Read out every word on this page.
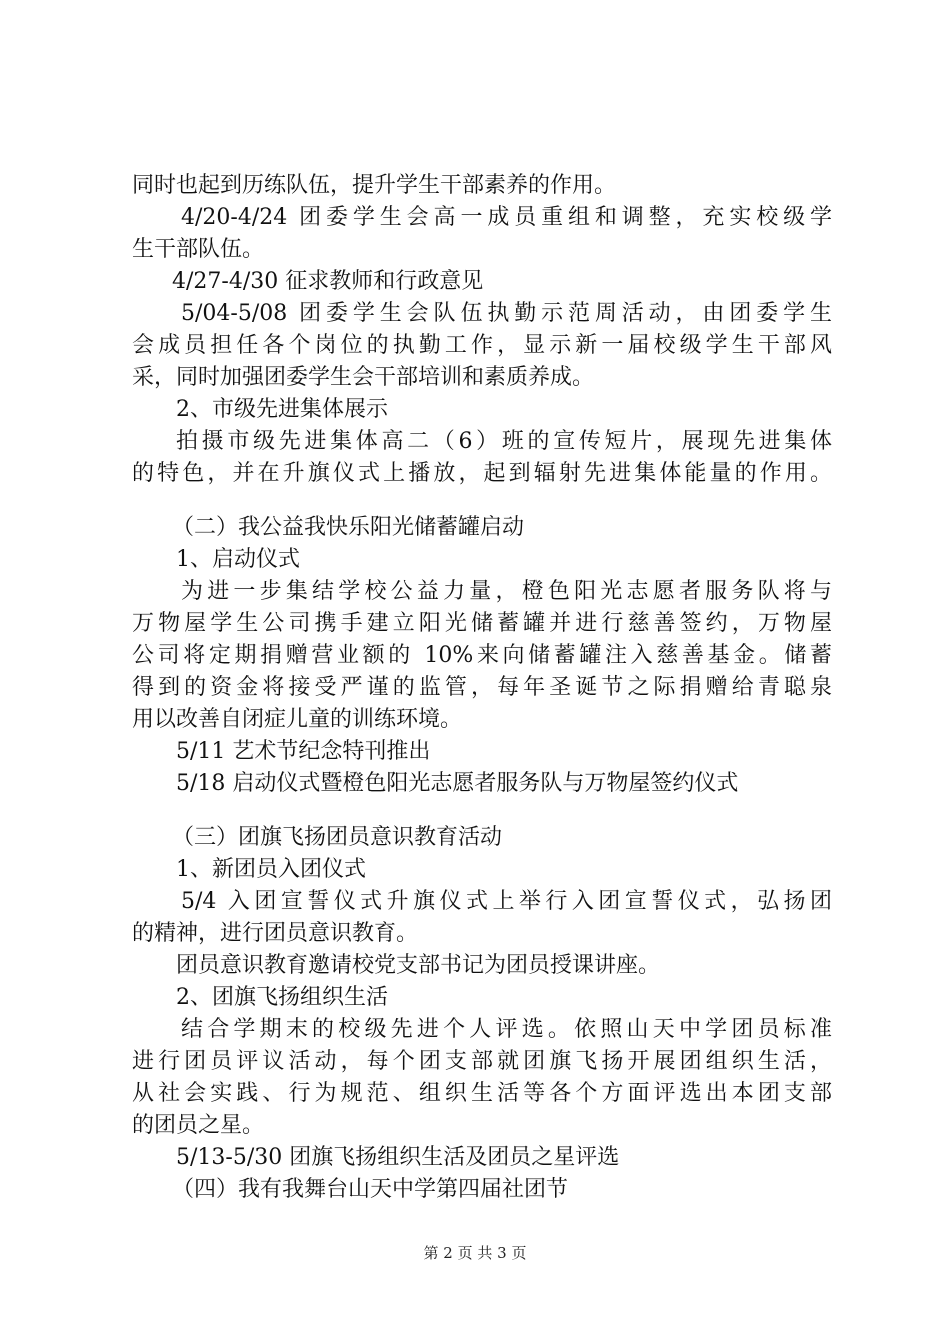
同时也起到历练队伍，提升学生干部素养的作用。
4/20-4/24 团委学生会高一成员重组和调整，充实校级学
生干部队伍。
4/27-4/30 征求教师和行政意见
5/04-5/08 团委学生会队伍执勤示范周活动，由团委学生
会成员担任各个岗位的执勤工作，显示新一届校级学生干部风
采，同时加强团委学生会干部培训和素质养成。
2、市级先进集体展示
拍摄市级先进集体高二（6）班的宣传短片，展现先进集体
的特色，并在升旗仪式上播放，起到辐射先进集体能量的作用。
（二）我公益我快乐阳光储蓄罐启动
1、启动仪式
为进一步集结学校公益力量，橙色阳光志愿者服务队将与
万物屋学生公司携手建立阳光储蓄罐并进行慈善签约，万物屋
公司将定期捐赠营业额的 10%来向储蓄罐注入慈善基金。储蓄
得到的资金将接受严谨的监管，每年圣诞节之际捐赠给青聪泉
用以改善自闭症儿童的训练环境。
5/11 艺术节纪念特刊推出
5/18 启动仪式暨橙色阳光志愿者服务队与万物屋签约仪式
（三）团旗飞扬团员意识教育活动
1、新团员入团仪式
5/4 入团宣誓仪式升旗仪式上举行入团宣誓仪式，弘扬团
的精神，进行团员意识教育。
团员意识教育邀请校党支部书记为团员授课讲座。
2、团旗飞扬组织生活
结合学期末的校级先进个人评选。依照山天中学团员标准
进行团员评议活动，每个团支部就团旗飞扬开展团组织生活，
从社会实践、行为规范、组织生活等各个方面评选出本团支部
的团员之星。
5/13-5/30 团旗飞扬组织生活及团员之星评选
（四）我有我舞台山天中学第四届社团节
第 2 页 共 3 页
